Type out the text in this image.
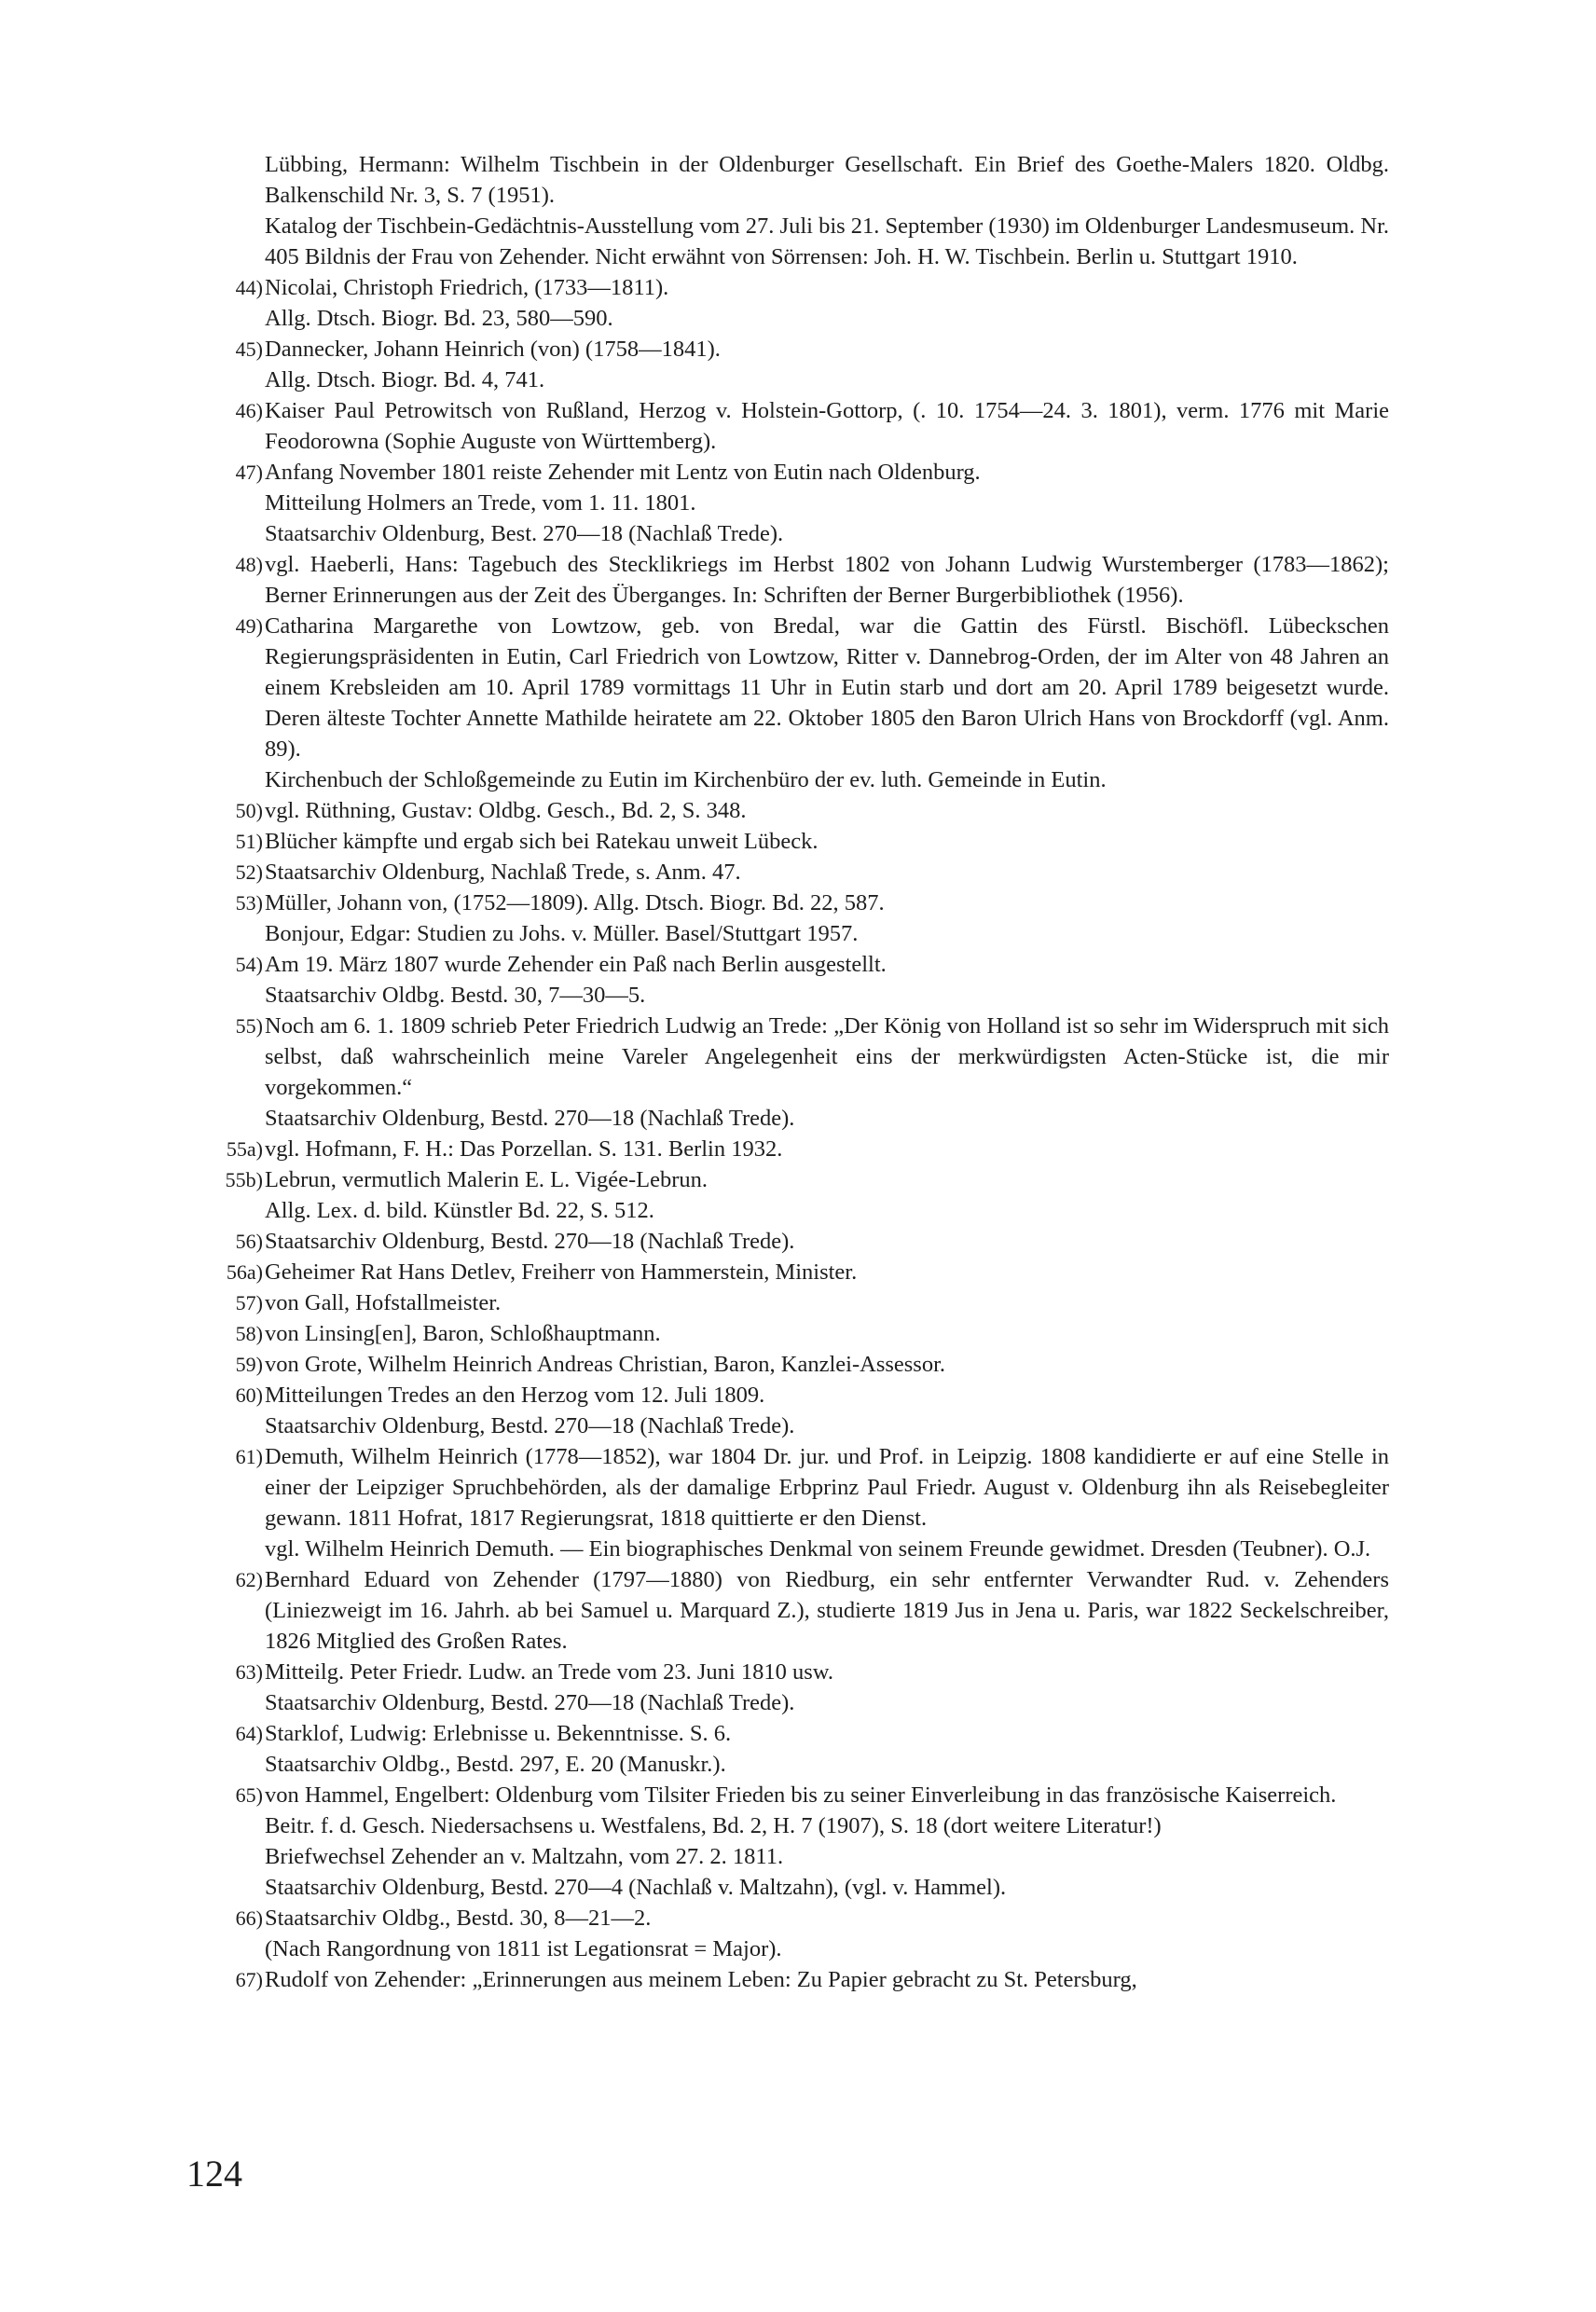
Lübbing, Hermann: Wilhelm Tischbein in der Oldenburger Gesellschaft. Ein Brief des Goethe-Malers 1820. Oldbg. Balkenschild Nr. 3, S. 7 (1951).
Katalog der Tischbein-Gedächtnis-Ausstellung vom 27. Juli bis 21. September (1930) im Oldenburger Landesmuseum. Nr. 405 Bildnis der Frau von Zehender. Nicht erwähnt von Sörrensen: Joh. H. W. Tischbein. Berlin u. Stuttgart 1910.
44) Nicolai, Christoph Friedrich, (1733—1811).
Allg. Dtsch. Biogr. Bd. 23, 580—590.
45) Dannecker, Johann Heinrich (von) (1758—1841).
Allg. Dtsch. Biogr. Bd. 4, 741.
46) Kaiser Paul Petrowitsch von Rußland, Herzog v. Holstein-Gottorp, (. 10. 1754—24. 3. 1801), verm. 1776 mit Marie Feodorowna (Sophie Auguste von Württemberg).
47) Anfang November 1801 reiste Zehender mit Lentz von Eutin nach Oldenburg.
Mitteilung Holmers an Trede, vom 1. 11. 1801.
Staatsarchiv Oldenburg, Best. 270—18 (Nachlaß Trede).
48) vgl. Haeberli, Hans: Tagebuch des Stecklikriegs im Herbst 1802 von Johann Ludwig Wurstemberger (1783—1862); Berner Erinnerungen aus der Zeit des Überganges. In: Schriften der Berner Burgerbibliothek (1956).
49) Catharina Margarethe von Lowtzow, geb. von Bredal, war die Gattin des Fürstl. Bischöfl. Lübeckschen Regierungspräsidenten in Eutin, Carl Friedrich von Lowtzow, Ritter v. Dannebrog-Orden, der im Alter von 48 Jahren an einem Krebsleiden am 10. April 1789 vormittags 11 Uhr in Eutin starb und dort am 20. April 1789 beigesetzt wurde. Deren älteste Tochter Annette Mathilde heiratete am 22. Oktober 1805 den Baron Ulrich Hans von Brockdorff (vgl. Anm. 89).
Kirchenbuch der Schloßgemeinde zu Eutin im Kirchenbüro der ev. luth. Gemeinde in Eutin.
50) vgl. Rüthning, Gustav: Oldbg. Gesch., Bd. 2, S. 348.
51) Blücher kämpfte und ergab sich bei Ratekau unweit Lübeck.
52) Staatsarchiv Oldenburg, Nachlaß Trede, s. Anm. 47.
53) Müller, Johann von, (1752—1809). Allg. Dtsch. Biogr. Bd. 22, 587.
Bonjour, Edgar: Studien zu Johs. v. Müller. Basel/Stuttgart 1957.
54) Am 19. März 1807 wurde Zehender ein Paß nach Berlin ausgestellt.
Staatsarchiv Oldbg. Bestd. 30, 7—30—5.
55) Noch am 6. 1. 1809 schrieb Peter Friedrich Ludwig an Trede: „Der König von Holland ist so sehr im Widerspruch mit sich selbst, daß wahrscheinlich meine Vareler Angelegenheit eins der merkwürdigsten Acten-Stücke ist, die mir vorgekommen.“
Staatsarchiv Oldenburg, Bestd. 270—18 (Nachlaß Trede).
55a) vgl. Hofmann, F. H.: Das Porzellan. S. 131. Berlin 1932.
55b) Lebrun, vermutlich Malerin E. L. Vigée-Lebrun.
Allg. Lex. d. bild. Künstler Bd. 22, S. 512.
56) Staatsarchiv Oldenburg, Bestd. 270—18 (Nachlaß Trede).
56a) Geheimer Rat Hans Detlev, Freiherr von Hammerstein, Minister.
57) von Gall, Hofstallmeister.
58) von Linsing[en], Baron, Schloßhauptmann.
59) von Grote, Wilhelm Heinrich Andreas Christian, Baron, Kanzlei-Assessor.
60) Mitteilungen Tredes an den Herzog vom 12. Juli 1809.
Staatsarchiv Oldenburg, Bestd. 270—18 (Nachlaß Trede).
61) Demuth, Wilhelm Heinrich (1778—1852), war 1804 Dr. jur. und Prof. in Leipzig. 1808 kandidierte er auf eine Stelle in einer der Leipziger Spruchbehörden, als der damalige Erbprinz Paul Friedr. August v. Oldenburg ihn als Reisebegleiter gewann. 1811 Hofrat, 1817 Regierungsrat, 1818 quittierte er den Dienst.
vgl. Wilhelm Heinrich Demuth. — Ein biographisches Denkmal von seinem Freunde gewidmet. Dresden (Teubner). O.J.
62) Bernhard Eduard von Zehender (1797—1880) von Riedburg, ein sehr entfernter Verwandter Rud. v. Zehenders (Liniezweigt im 16. Jahrh. ab bei Samuel u. Marquard Z.), studierte 1819 Jus in Jena u. Paris, war 1822 Seckelschreiber, 1826 Mitglied des Großen Rates.
63) Mitteilg. Peter Friedr. Ludw. an Trede vom 23. Juni 1810 usw.
Staatsarchiv Oldenburg, Bestd. 270—18 (Nachlaß Trede).
64) Starklof, Ludwig: Erlebnisse u. Bekenntnisse. S. 6.
Staatsarchiv Oldbg., Bestd. 297, E. 20 (Manuskr.).
65) von Hammel, Engelbert: Oldenburg vom Tilsiter Frieden bis zu seiner Einverleibung in das französische Kaiserreich.
Beitr. f. d. Gesch. Niedersachsens u. Westfalens, Bd. 2, H. 7 (1907), S. 18 (dort weitere Literatur!)
Briefwechsel Zehender an v. Maltzahn, vom 27. 2. 1811.
Staatsarchiv Oldenburg, Bestd. 270—4 (Nachlaß v. Maltzahn), (vgl. v. Hammel).
66) Staatsarchiv Oldbg., Bestd. 30, 8—21—2.
(Nach Rangordnung von 1811 ist Legationsrat = Major).
67) Rudolf von Zehender: „Erinnerungen aus meinem Leben: Zu Papier gebracht zu St. Petersburg,
124
